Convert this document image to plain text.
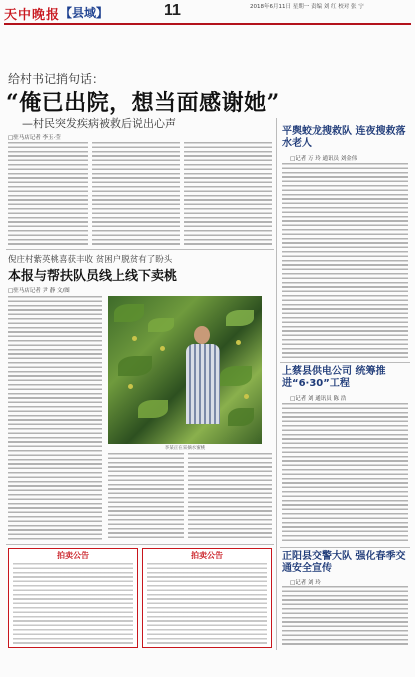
天中晚报 【县域】	11	2018年6月11日 星期一 责编 刘 红 校对 张 宁
给村书记捎句话：
“俺已出院，想当面感谢她”
—村民突发疾病被救后说出心声
□驻马店记者 李玉·莹
平舆蛟龙搜救队 连夜搜救落水老人
□记者 万 玲 通讯员 刘金伟
上蔡县供电公司 统筹推进“6·30”工程
□记者 刘 通讯员 陈 浩
正阳县交警大队 强化春季交通安全宣传
□记者 刘 玲
倪庄村紫英桃喜获丰收 贫困户脱贫有了盼头
本报与帮扶队员线上线下卖桃
□驻马店记者 尹 静 文/图
李某正在采摘水蜜桃
拍卖公告	拍卖公告
